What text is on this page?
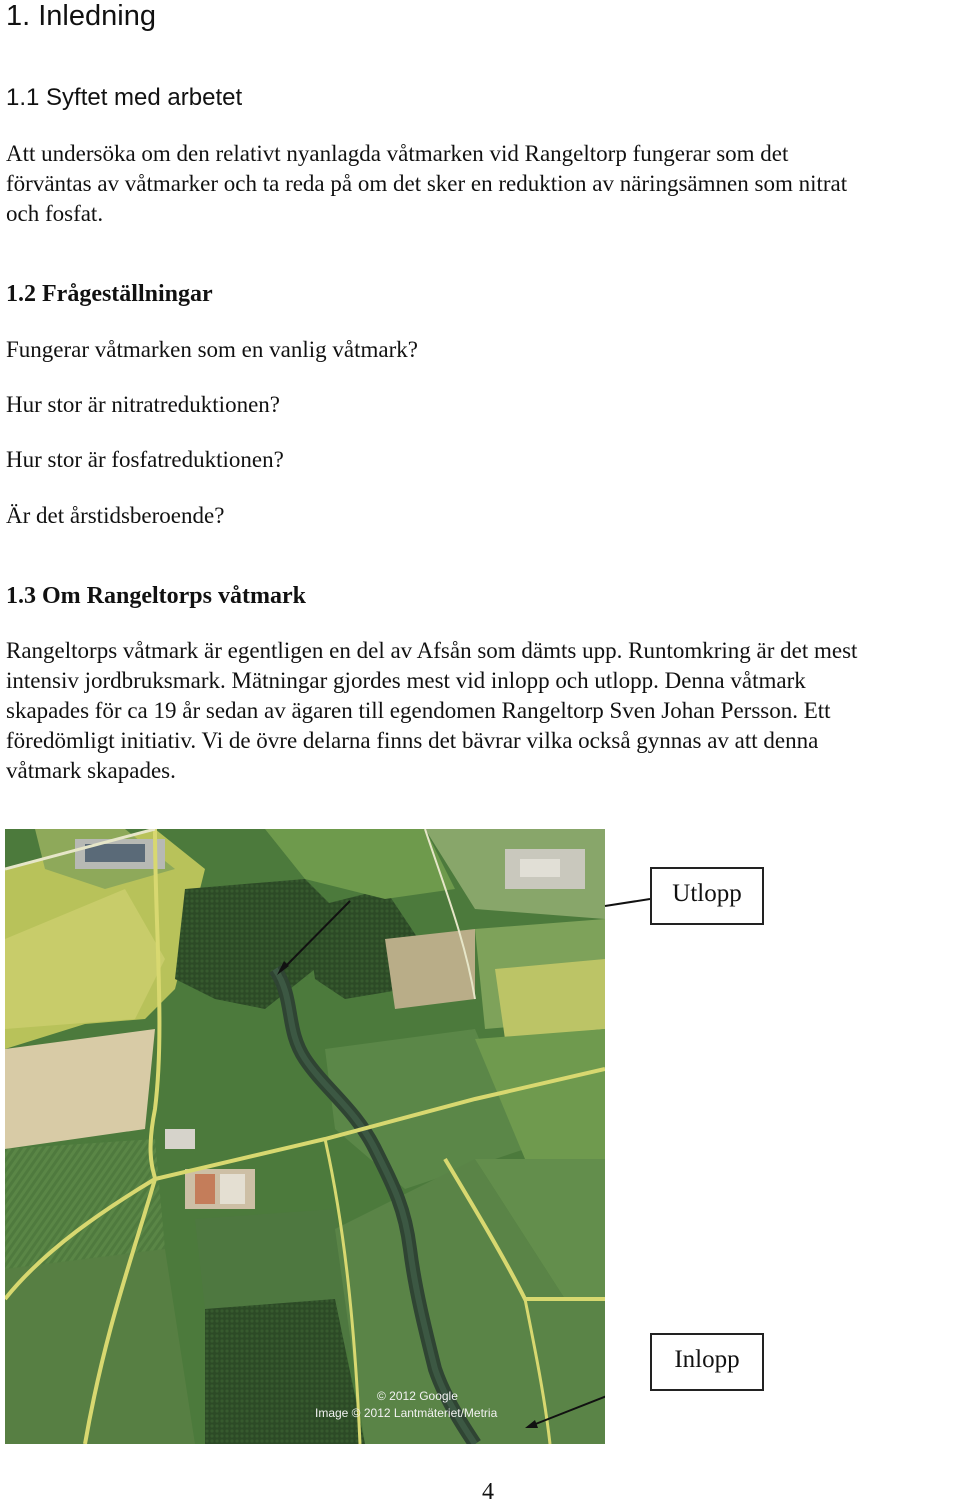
1. Inledning
1.1 Syftet med arbetet
Att undersöka om den relativt nyanlagda våtmarken vid Rangeltorp fungerar som det
förväntas av våtmarker och ta reda på om det sker en reduktion av näringsämnen som nitrat
och fosfat.
1.2 Frågeställningar
Fungerar våtmarken som en vanlig våtmark?
Hur stor är nitratreduktionen?
Hur stor är fosfatreduktionen?
Är det årstidsberoende?
1.3 Om Rangeltorps våtmark
Rangeltorps våtmark är egentligen en del av Afsån som dämts upp. Runtomkring är det mest
intensiv jordbruksmark. Mätningar gjordes mest vid inlopp och utlopp. Denna våtmark
skapades för ca 19 år sedan av ägaren till egendomen Rangeltorp Sven Johan Persson. Ett
föredömligt initiativ. Vi de övre delarna finns det bävrar vilka också gynnas av att denna
våtmark skapades.
© 2012 Google
Image © 2012 Lantmäteriet/Metria
Utlopp
Inlopp
4
